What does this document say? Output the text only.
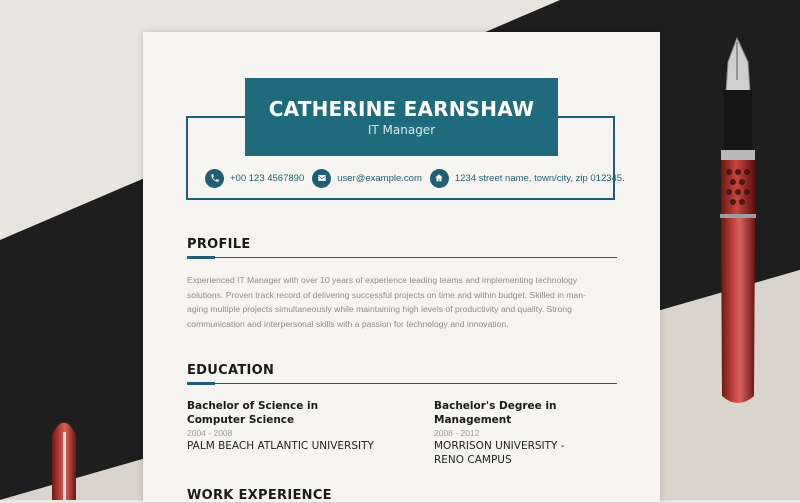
CATHERINE EARNSHAW
IT Manager
+00 123 4567890	user@example.com	1234 street name, town/city, zip 012345.
PROFILE
Experienced IT Manager with over 10 years of experience leading teams and implementing technology
solutions. Proven track record of delivering successful projects on time and within budget. Skilled in man-
aging multiple projects simultaneously while maintaining high levels of productivity and quality. Strong
communication and interpersonal skills with a passion for technology and innovation.
EDUCATION
Bachelor of Science in
Computer Science
2004 - 2008
PALM BEACH ATLANTIC UNIVERSITY
Bachelor's Degree in Management
2008 - 2012
MORRISON UNIVERSITY -
RENO CAMPUS
WORK EXPERIENCE
